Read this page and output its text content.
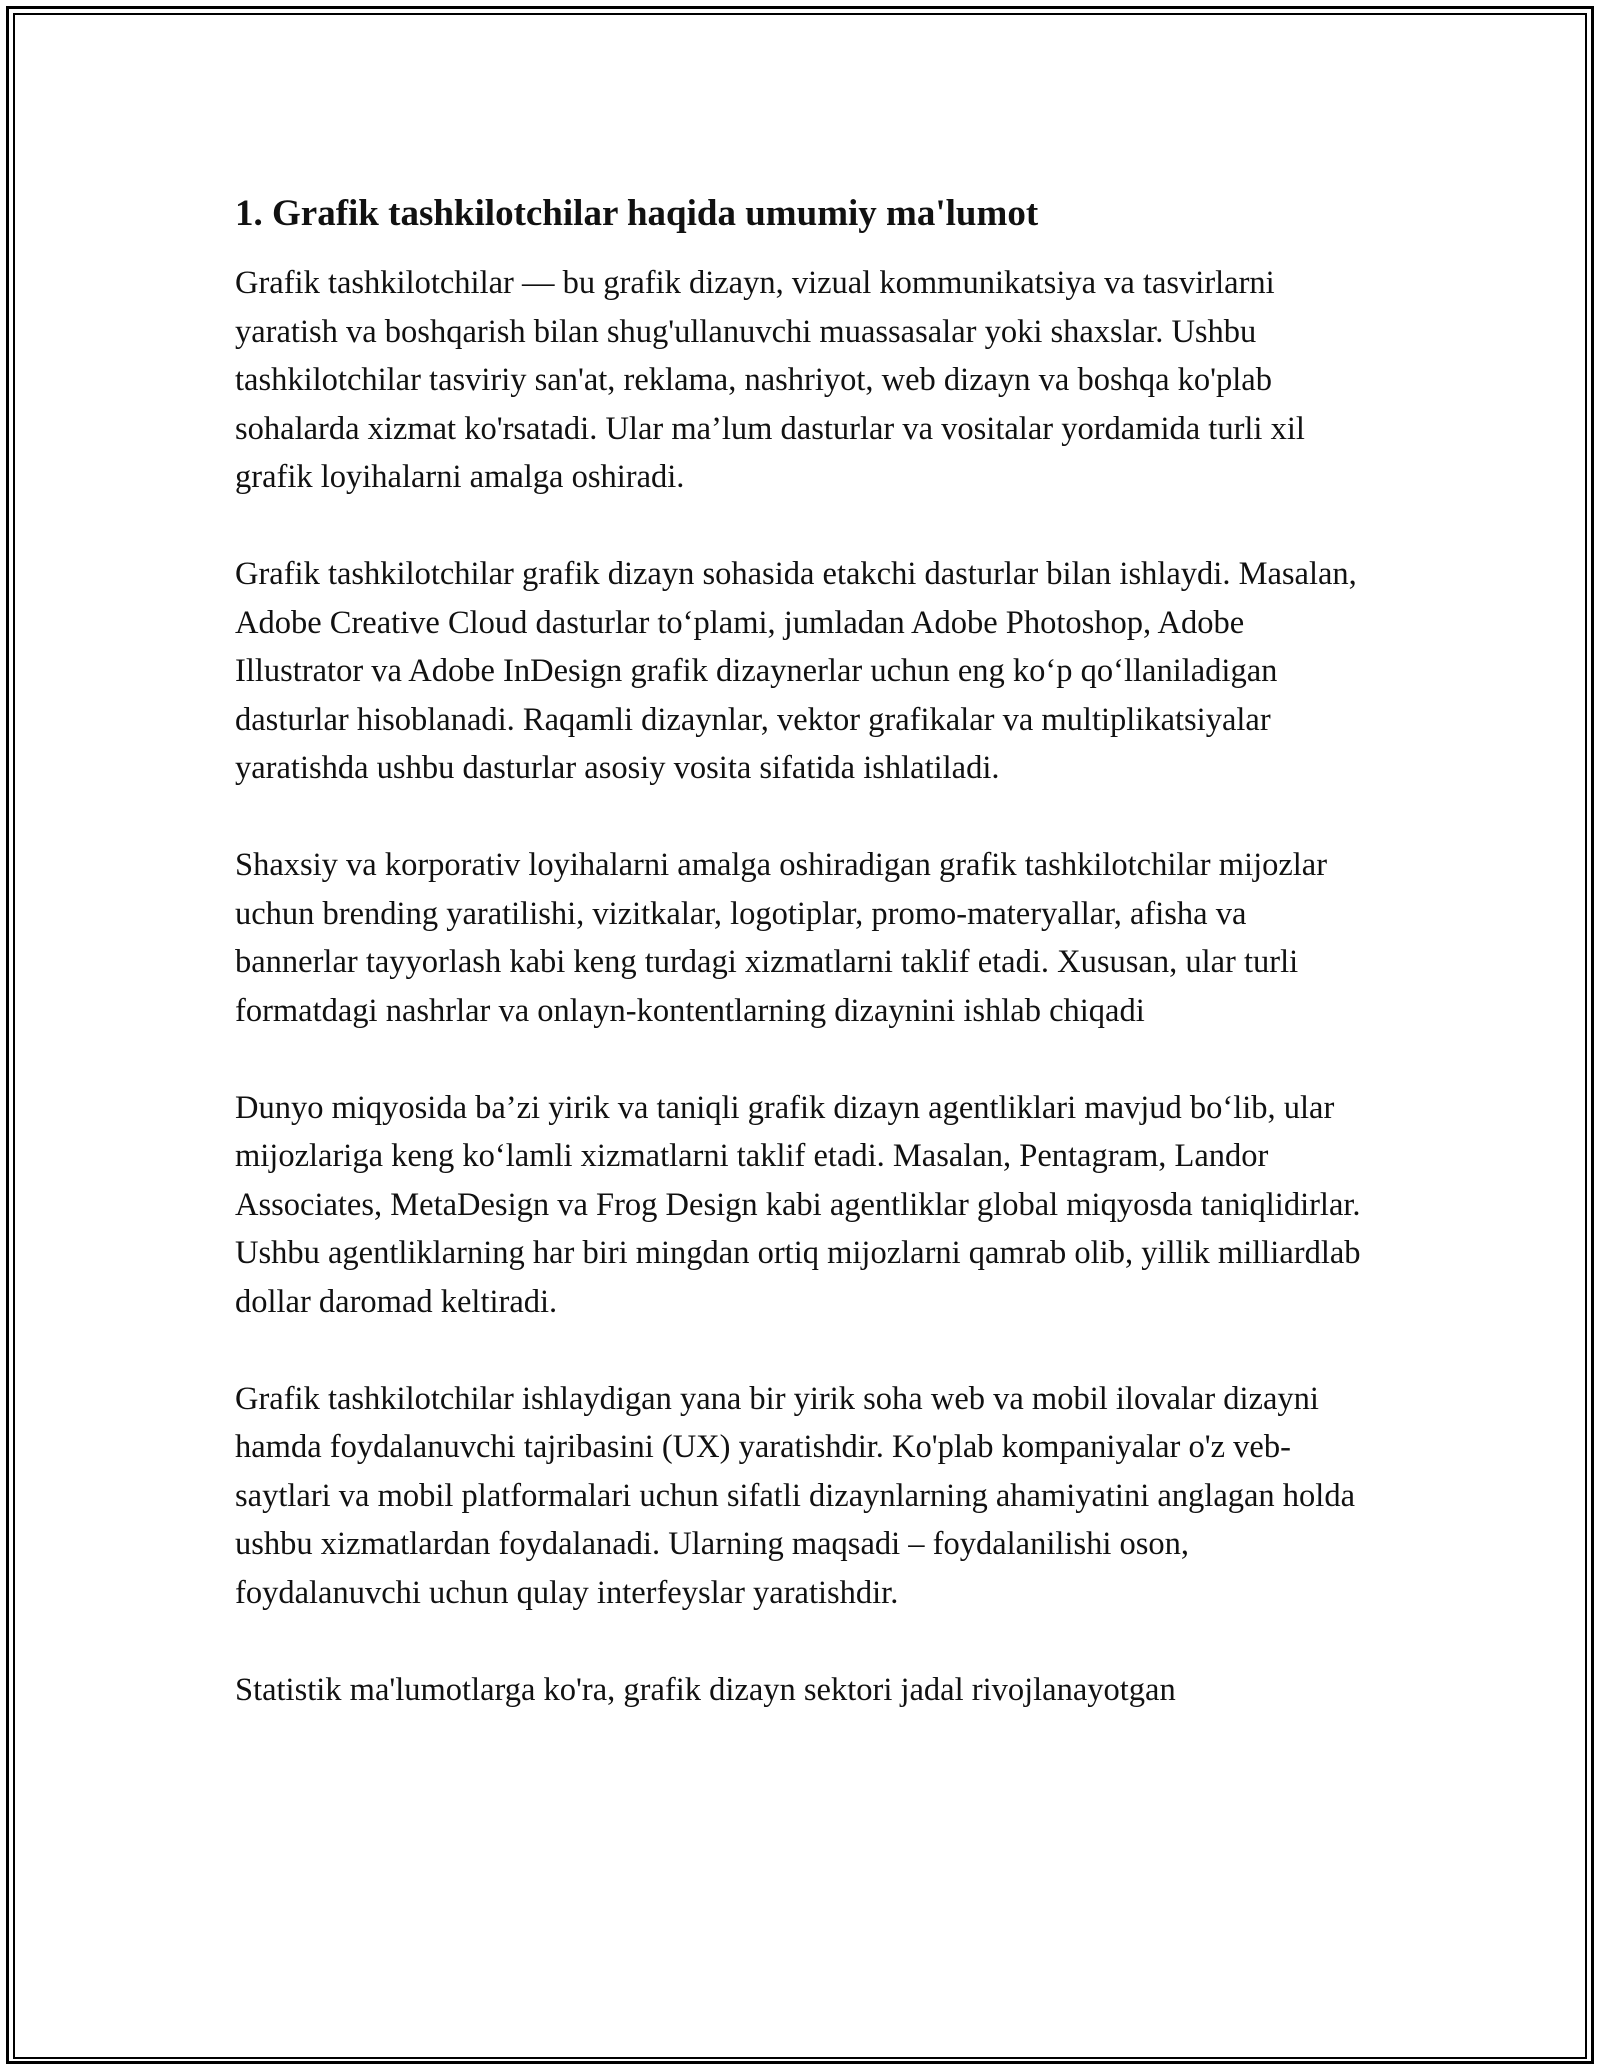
1. Grafik tashkilotchilar haqida umumiy ma'lumot

Grafik tashkilotchilar — bu grafik dizayn, vizual kommunikatsiya va tasvirlarni yaratish va boshqarish bilan shug'ullanuvchi muassasalar yoki shaxslar. Ushbu tashkilotchilar tasviriy san'at, reklama, nashriyot, web dizayn va boshqa ko'plab sohalarda xizmat ko'rsatadi. Ular ma’lum dasturlar va vositalar yordamida turli xil grafik loyihalarni amalga oshiradi.

Grafik tashkilotchilar grafik dizayn sohasida etakchi dasturlar bilan ishlaydi. Masalan, Adobe Creative Cloud dasturlar to‘plami, jumladan Adobe Photoshop, Adobe Illustrator va Adobe InDesign grafik dizaynerlar uchun eng ko‘p qo‘llaniladigan dasturlar hisoblanadi. Raqamli dizaynlar, vektor grafikalar va multiplikatsiyalar yaratishda ushbu dasturlar asosiy vosita sifatida ishlatiladi.

Shaxsiy va korporativ loyihalarni amalga oshiradigan grafik tashkilotchilar mijozlar uchun brending yaratilishi, vizitkalar, logotiplar, promo-materyallar, afisha va bannerlar tayyorlash kabi keng turdagi xizmatlarni taklif etadi. Xususan, ular turli formatdagi nashrlar va onlayn-kontentlarning dizaynini ishlab chiqadi

Dunyo miqyosida ba’zi yirik va taniqli grafik dizayn agentliklari mavjud bo‘lib, ular mijozlariga keng ko‘lamli xizmatlarni taklif etadi. Masalan, Pentagram, Landor Associates, MetaDesign va Frog Design kabi agentliklar global miqyosda taniqlidirlar. Ushbu agentliklarning har biri mingdan ortiq mijozlarni qamrab olib, yillik milliardlab dollar daromad keltiradi.

Grafik tashkilotchilar ishlaydigan yana bir yirik soha web va mobil ilovalar dizayni hamda foydalanuvchi tajribasini (UX) yaratishdir. Ko'plab kompaniyalar o'z veb-saytlari va mobil platformalari uchun sifatli dizaynlarning ahamiyatini anglagan holda ushbu xizmatlardan foydalanadi. Ularning maqsadi – foydalanilishi oson, foydalanuvchi uchun qulay interfeyslar yaratishdir.

Statistik ma'lumotlarga ko'ra, grafik dizayn sektori jadal rivojlanayotgan
